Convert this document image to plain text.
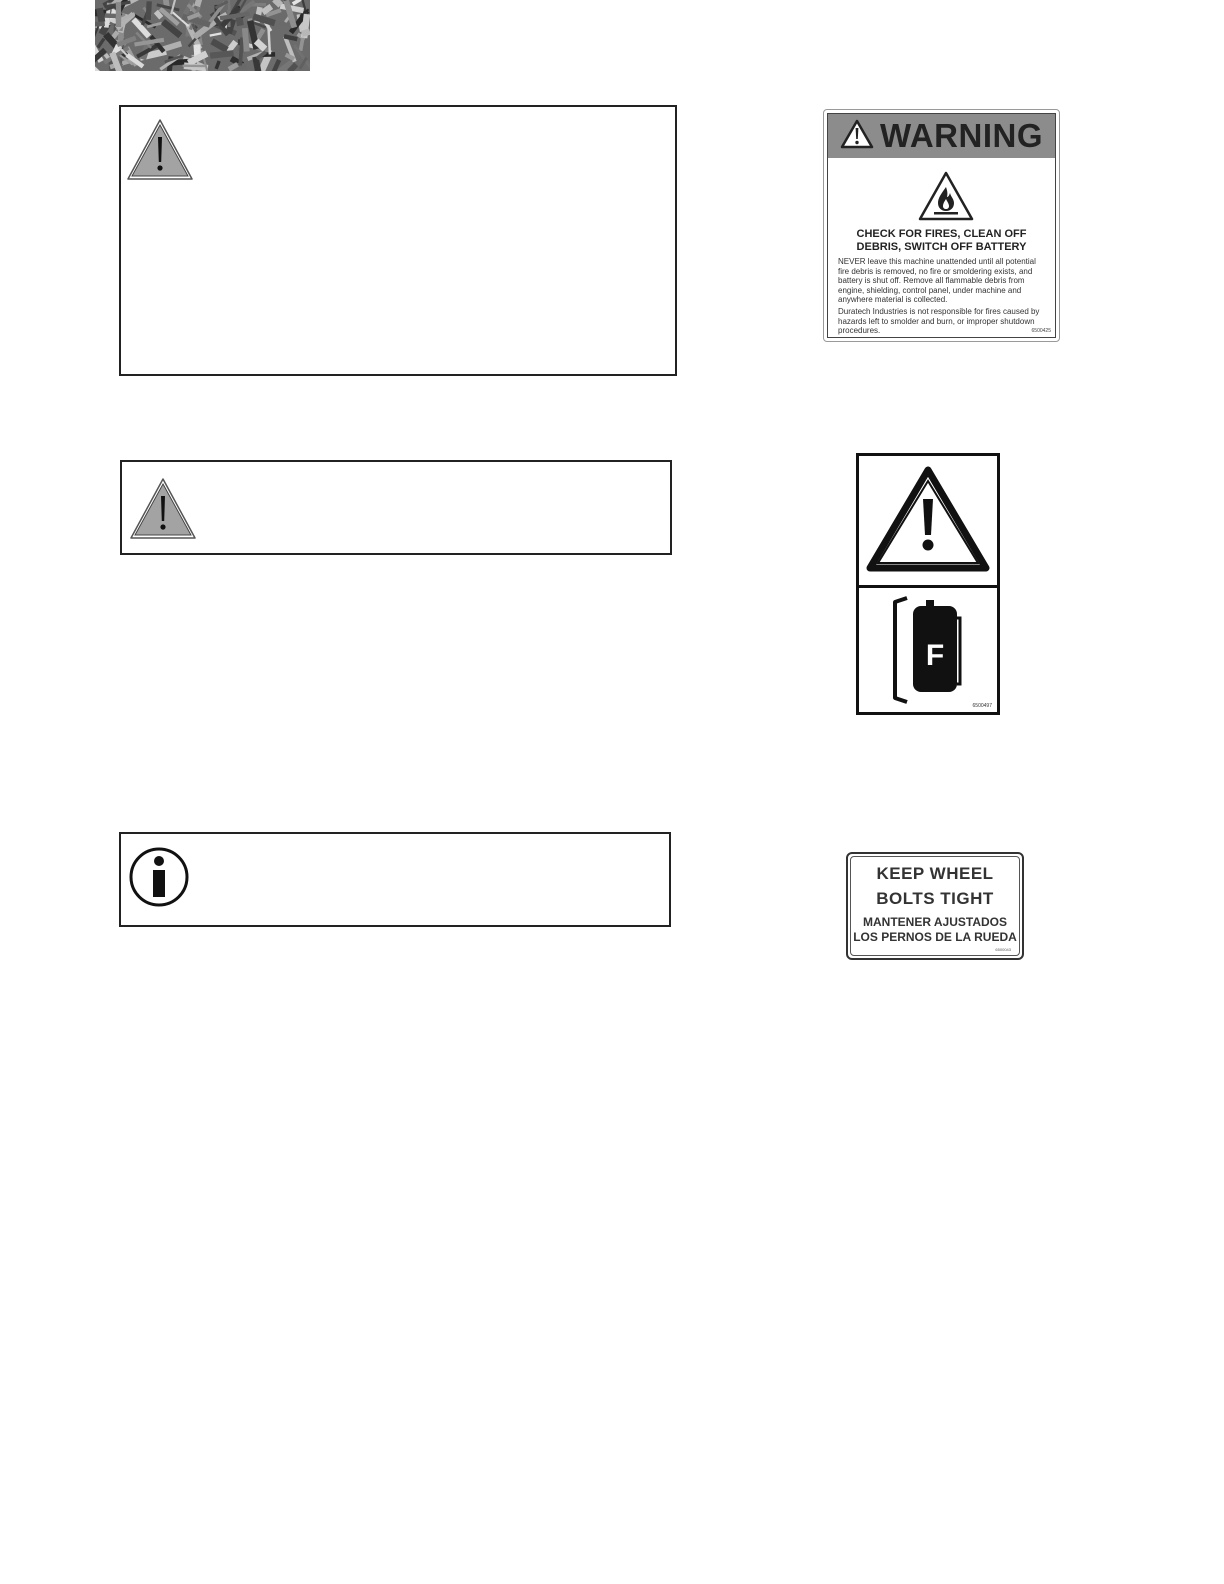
WARNING
CHECK FOR FIRES, CLEAN OFF
DEBRIS, SWITCH OFF BATTERY

NEVER leave this machine unattended until all potential fire debris is removed, no fire or smoldering exists, and battery is shut off. Remove all flammable debris from engine, shielding, control panel, under machine and anywhere material is collected.

Duratech Industries is not responsible for fires caused by hazards left to smolder and burn, or improper shutdown procedures.	6500425
F
6500497
KEEP WHEEL
BOLTS TIGHT
MANTENER AJUSTADOS
LOS PERNOS DE LA RUEDA
6500043
